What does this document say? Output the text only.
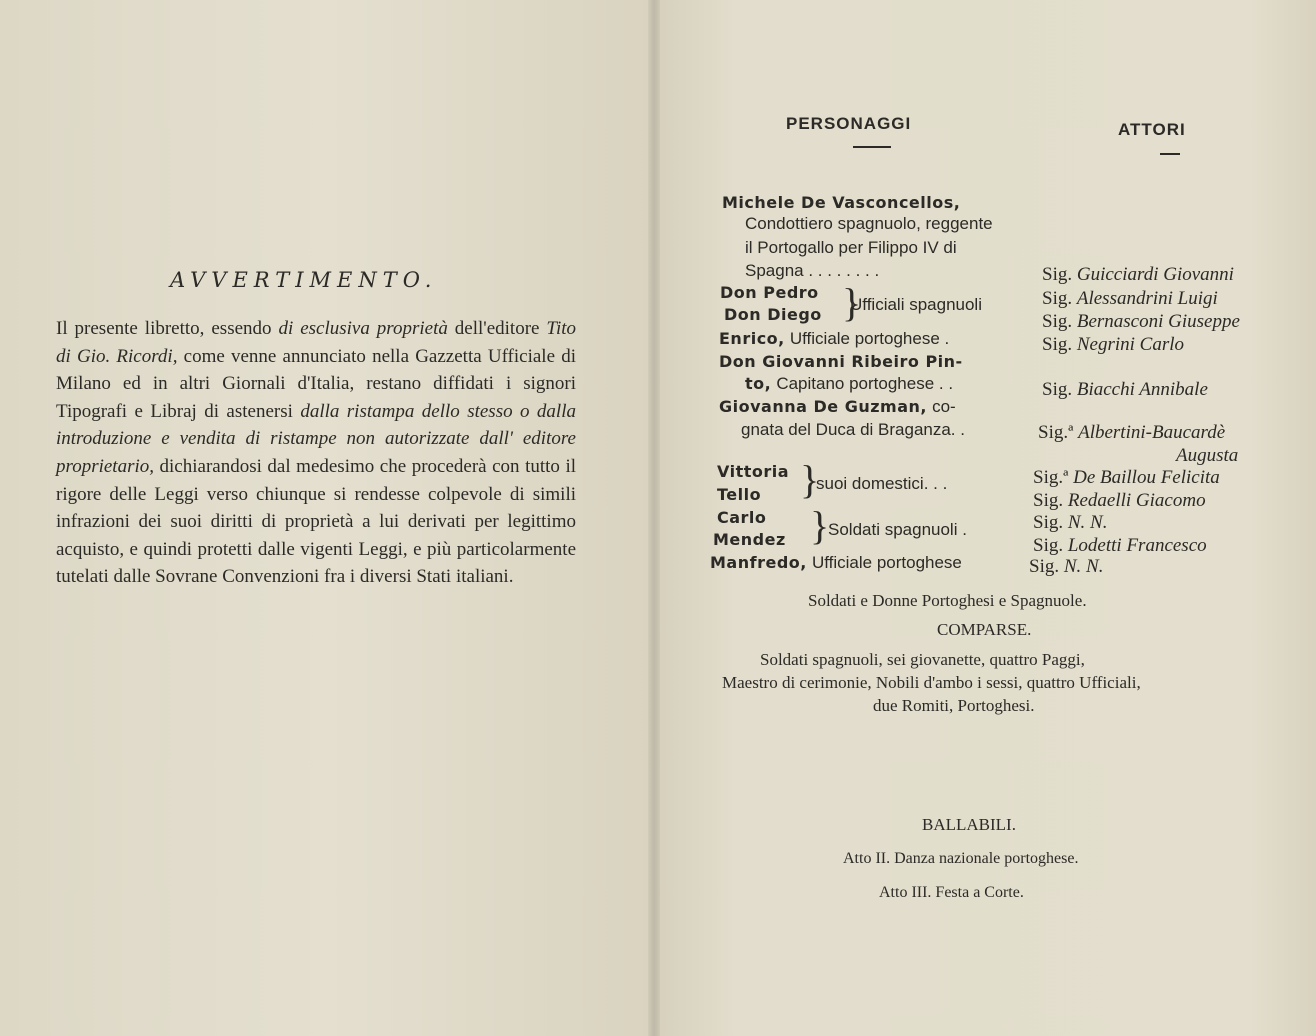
AVVERTIMENTO.

Il presente libretto, essendo di esclusiva proprietà dell'editore Tito di Gio. Ricordi, come venne annunciato nella Gazzetta Ufficiale di Milano ed in altri Giornali d'Italia, restano diffidati i signori Tipografi e Libraj di astenersi dalla ristampa dello stesso o dalla introduzione e vendita di ristampe non autorizzate dall' editore proprietario, dichiarandosi dal medesimo che procederà con tutto il rigore delle Leggi verso chiunque si rendesse colpevole di simili infrazioni dei suoi diritti di proprietà a lui derivati per legittimo acquisto, e quindi protetti dalle vigenti Leggi, e più particolarmente tutelati dalle Sovrane Convenzioni fra i diversi Stati italiani.

PERSONAGGI	ATTORI
Michele De Vasconcellos,
Condottiero spagnuolo, reggente
il Portogallo per Filippo IV di
Spagna . . . . . . . .
Don Pedro
Don Diego }
Ufficiali spagnuoli
Enrico, Ufficiale portoghese .
Don Giovanni Ribeiro Pin-
to, Capitano portoghese . .
Giovanna De Guzman, co-
gnata del Duca di Braganza. .
Vittoria
Tello }
suoi domestici. . .
Carlo
Mendez }
Soldati spagnuoli .
Manfredo, Ufficiale portoghese
Sig. Guicciardi Giovanni
Sig. Alessandrini Luigi
Sig. Bernasconi Giuseppe
Sig. Negrini Carlo
Sig. Biacchi Annibale
Sig.ª Albertini-Baucardè
Augusta
Sig.ª De Baillou Felicita
Sig. Redaelli Giacomo
Sig. N. N.
Sig. Lodetti Francesco
Sig. N. N.
Soldati e Donne Portoghesi e Spagnuole.
COMPARSE.
Soldati spagnuoli, sei giovanette, quattro Paggi,
Maestro di cerimonie, Nobili d'ambo i sessi, quattro Ufficiali,
due Romiti, Portoghesi.
BALLABILI.
Atto II. Danza nazionale portoghese.
Atto III. Festa a Corte.
